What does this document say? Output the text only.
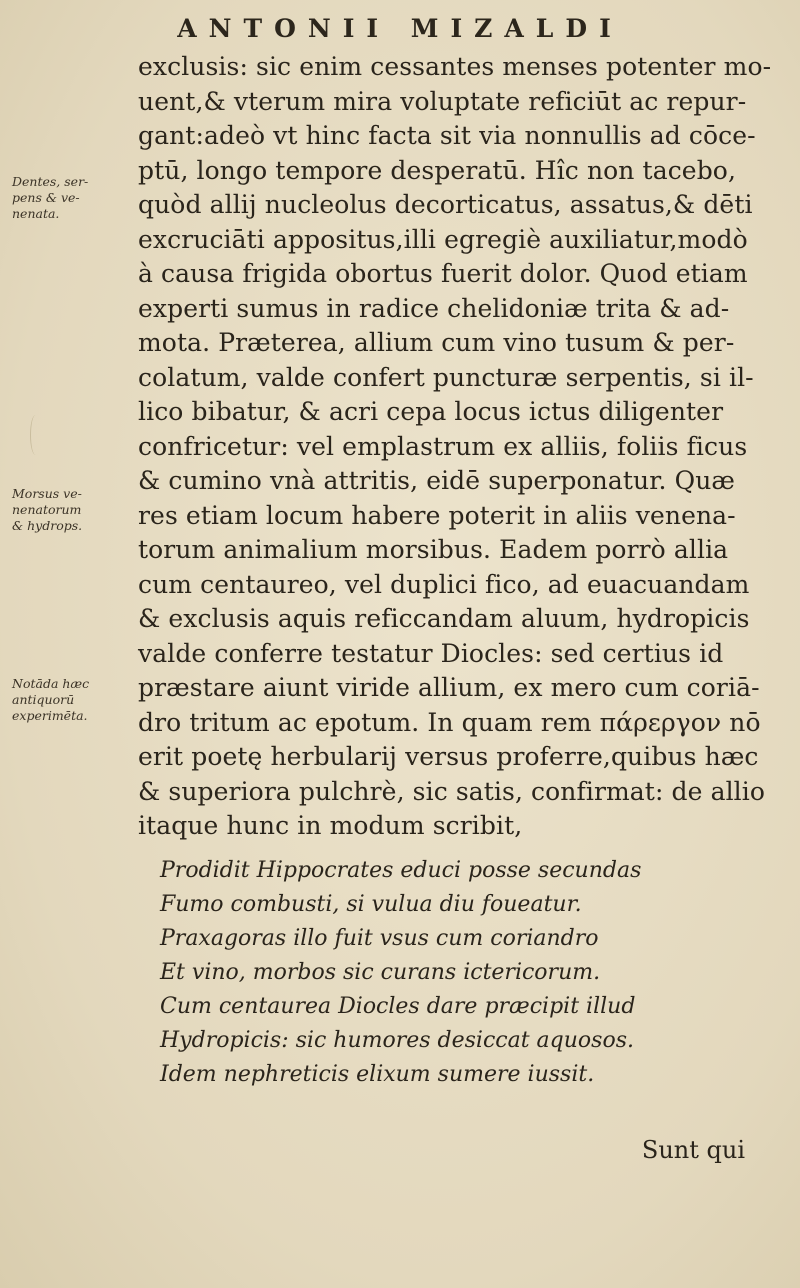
ANTONII MIZALDI
Dentes, ser-
pens & ve-
nenata.
Morsus ve-
nenatorum
& hydrops.
Notāda hæc
antiquorū
experimēta.
exclusis: sic enim cessantes menses potenter mo-
uent,& vterum mira voluptate reficiūt ac repur-
gant:adeò vt hinc facta sit via nonnullis ad cōce-
ptū, longo tempore desperatū. Hîc non tacebo,
quòd allij nucleolus decorticatus, assatus,& dēti
excruciāti appositus,illi egregiè auxiliatur,modò
à causa frigida obortus fuerit dolor. Quod etiam
experti sumus in radice chelidoniæ trita & ad-
mota. Præterea, allium cum vino tusum & per-
colatum, valde confert puncturæ serpentis, si il-
lico bibatur, & acri cepa locus ictus diligenter
confricetur: vel emplastrum ex alliis, foliis ficus
& cumino vnà attritis, eidē superponatur. Quæ
res etiam locum habere poterit in aliis venena-
torum animalium morsibus. Eadem porrò allia
cum centaureo, vel duplici fico, ad euacuandam
& exclusis aquis reficcandam aluum, hydropicis
valde conferre testatur Diocles: sed certius id
præstare aiunt viride allium, ex mero cum coriā-
dro tritum ac epotum. In quam rem πάρεργον nō
erit poetę herbularij versus proferre,quibus hæc
& superiora pulchrè, sic satis, confirmat: de allio
itaque hunc in modum scribit,
Prodidit Hippocrates educi posse secundas
Fumo combusti, si vulua diu foueatur.
Praxagoras illo fuit vsus cum coriandro
Et vino, morbos sic curans ictericorum.
Cum centaurea Diocles dare præcipit illud
Hydropicis: sic humores desiccat aquosos.
Idem nephreticis elixum sumere iussit.
Sunt qui
